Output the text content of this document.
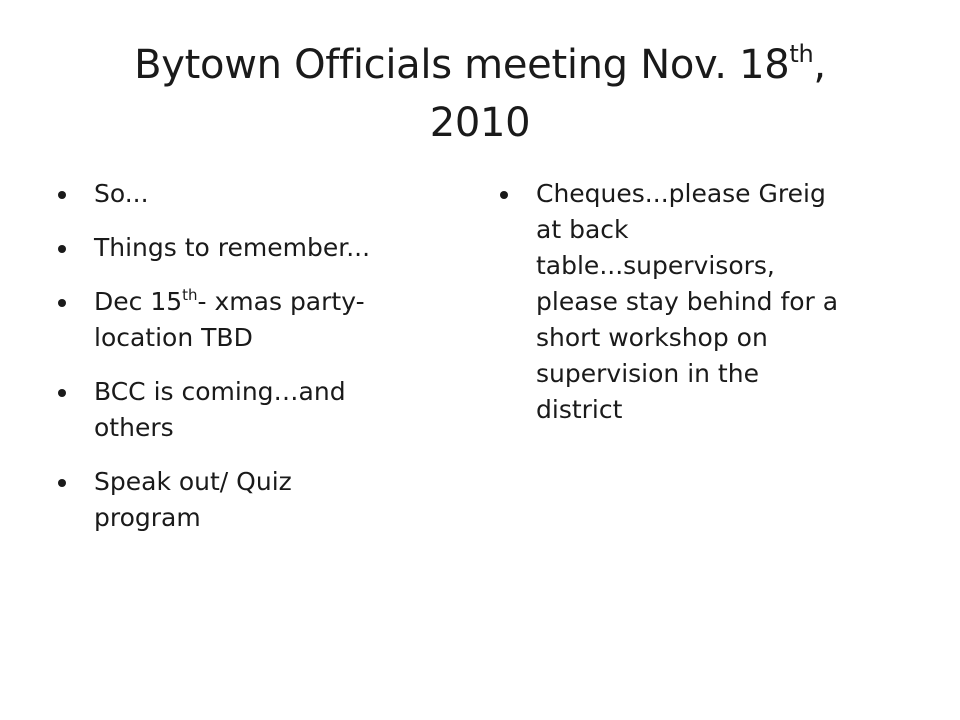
Bytown Officials meeting Nov. 18th,
2010
So...
Things to remember...
Dec 15th- xmas party-
location TBD
BCC is coming…and
others
Speak out/ Quiz
program
Cheques...please Greig
at back
table...supervisors,
please stay behind for a
short workshop on
supervision in the
district
